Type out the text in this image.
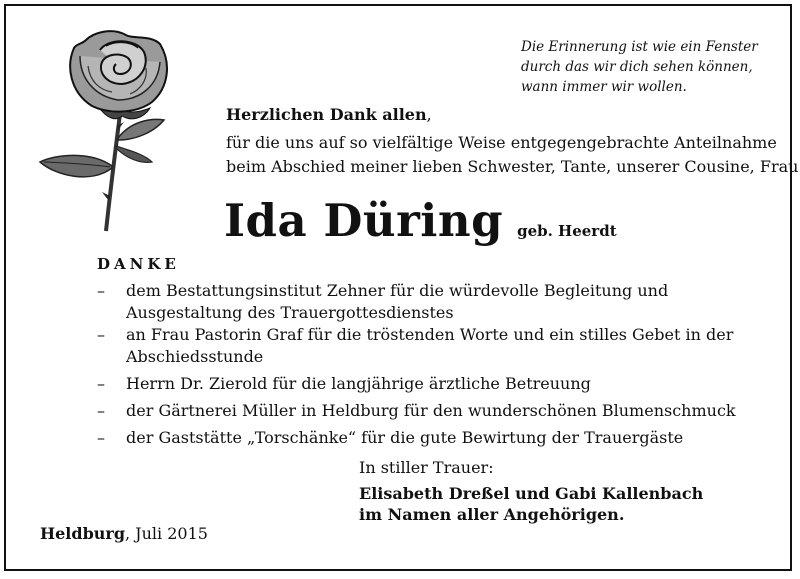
Die Erinnerung ist wie ein Fenster
durch das wir dich sehen können,
wann immer wir wollen.
Herzlichen Dank allen,
für die uns auf so vielfältige Weise entgegengebrachte Anteilnahme
beim Abschied meiner lieben Schwester, Tante, unserer Cousine, Frau
Ida Düring geb. Heerdt
DANKE
– dem Bestattungsinstitut Zehner für die würdevolle Begleitung und Ausgestaltung des Trauergottesdienstes
– an Frau Pastorin Graf für die tröstenden Worte und ein stilles Gebet in der Abschiedsstunde
– Herrn Dr. Zierold für die langjährige ärztliche Betreuung
– der Gärtnerei Müller in Heldburg für den wunderschönen Blumenschmuck
– der Gaststätte „Torschänke“ für die gute Bewirtung der Trauergäste
In stiller Trauer:
Elisabeth Dreßel und Gabi Kallenbach
im Namen aller Angehörigen.
Heldburg, Juli 2015
